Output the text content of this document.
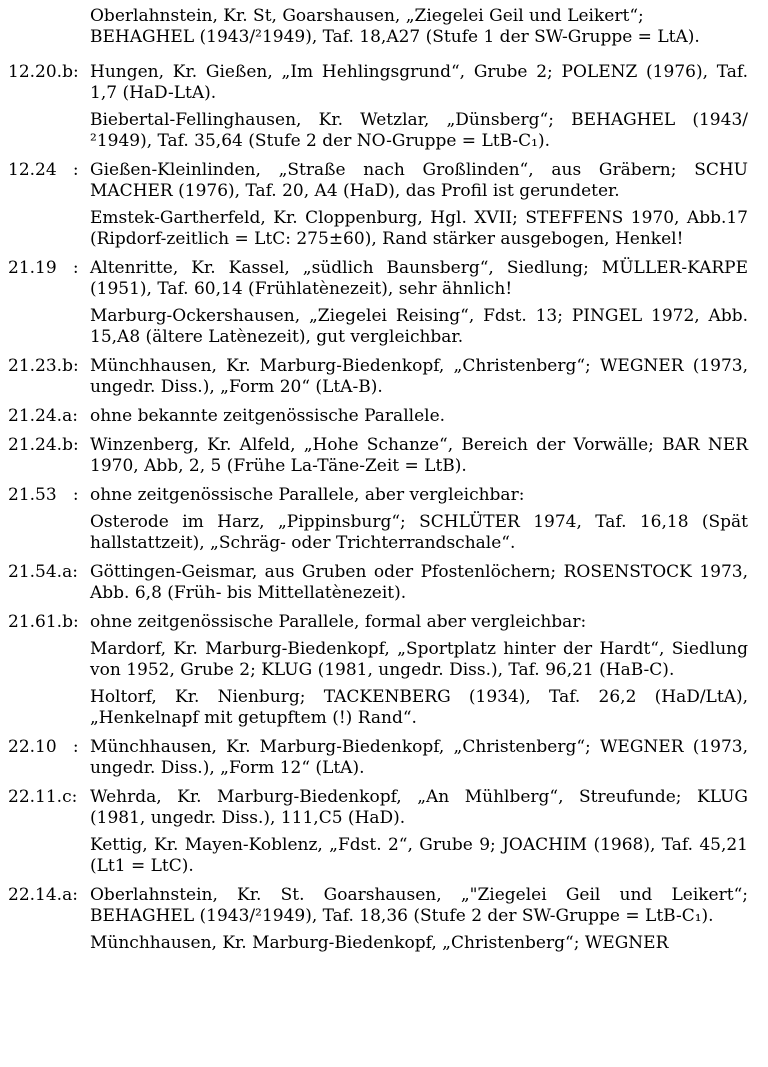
Oberlahnstein, Kr. St, Goarshausen, „Ziegelei Geil und Leikert“; BEHAGHEL (1943/²1949), Taf. 18,A27 (Stufe 1 der SW-Gruppe = LtA).

12.20.b: Hungen, Kr. Gießen, „Im Hehlingsgrund“, Grube 2; POLENZ (1976), Taf. 1,7 (HaD-LtA).

Biebertal-Fellinghausen, Kr. Wetzlar, „Dünsberg“; BEHAGHEL (1943/²1949), Taf. 35,64 (Stufe 2 der NO-Gruppe = LtB-C₁).

12.24   : Gießen-Kleinlinden, „Straße nach Großlinden“, aus Gräbern; SCHU MACHER (1976), Taf. 20, A4 (HaD), das Profil ist gerundeter.

Emstek-Gartherfeld, Kr. Cloppenburg, Hgl. XVII; STEFFENS 1970, Abb.17 (Ripdorf-zeitlich = LtC: 275±60), Rand stärker ausgebogen, Henkel!

21.19   : Altenritte, Kr. Kassel, „südlich Baunsberg“, Siedlung; MÜLLER-KARPE (1951), Taf. 60,14 (Frühlatènezeit), sehr ähnlich!

Marburg-Ockershausen, „Ziegelei Reising“, Fdst. 13; PINGEL 1972, Abb. 15,A8 (ältere Latènezeit), gut vergleichbar.

21.23.b: Münchhausen, Kr. Marburg-Biedenkopf, „Christenberg“; WEGNER (1973, ungedr. Diss.), „Form 20“ (LtA-B).

21.24.a: ohne bekannte zeitgenössische Parallele.

21.24.b: Winzenberg, Kr. Alfeld, „Hohe Schanze“, Bereich der Vorwälle; BAR NER 1970, Abb, 2, 5 (Frühe La-Täne-Zeit = LtB).

21.53   : ohne zeitgenössische Parallele, aber vergleichbar:

Osterode im Harz, „Pippinsburg“; SCHLÜTER 1974, Taf. 16,18 (Spät hallstattzeit), „Schräg- oder Trichterrandschale“.

21.54.a: Göttingen-Geismar, aus Gruben oder Pfostenlöchern; ROSENSTOCK 1973, Abb. 6,8 (Früh- bis Mittellatènezeit).

21.61.b: ohne zeitgenössische Parallele, formal aber vergleichbar:

Mardorf, Kr. Marburg-Biedenkopf, „Sportplatz hinter der Hardt“, Siedlung von 1952, Grube 2; KLUG (1981, ungedr. Diss.), Taf. 96,21 (HaB-C).

Holtorf, Kr. Nienburg; TACKENBERG (1934), Taf. 26,2 (HaD/LtA), „Henkelnapf mit getupftem (!) Rand“.

22.10   : Münchhausen, Kr. Marburg-Biedenkopf, „Christenberg“; WEGNER (1973, ungedr. Diss.), „Form 12“ (LtA).

22.11.c: Wehrda, Kr. Marburg-Biedenkopf, „An Mühlberg“, Streufunde; KLUG (1981, ungedr. Diss.), 111,C5 (HaD).

Kettig, Kr. Mayen-Koblenz, „Fdst. 2“, Grube 9; JOACHIM (1968), Taf. 45,21 (Lt1 = LtC).

22.14.a: Oberlahnstein, Kr. St. Goarshausen, „"Ziegelei Geil und Leikert“; BEHAGHEL (1943/²1949), Taf. 18,36 (Stufe 2 der SW-Gruppe = LtB-C₁).

Münchhausen, Kr. Marburg-Biedenkopf, „Christenberg“; WEGNER
